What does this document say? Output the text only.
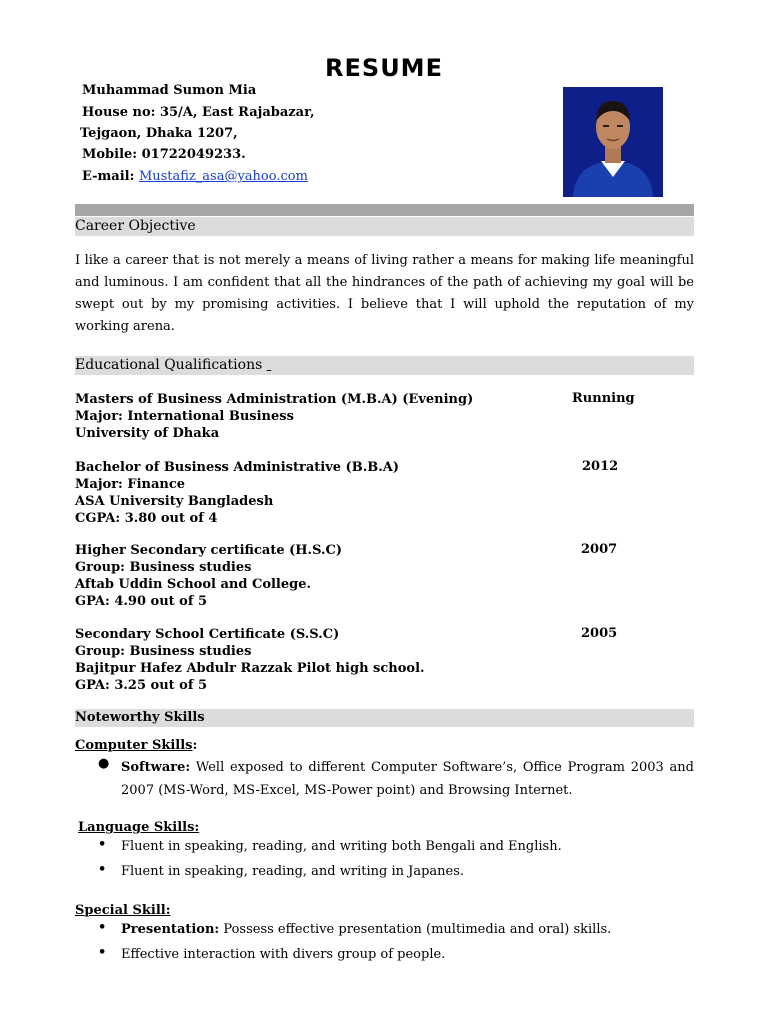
RESUME
Muhammad Sumon Mia
House no: 35/A, East Rajabazar,
Tejgaon, Dhaka 1207,
Mobile: 01722049233.
E-mail: Mustafiz_asa@yahoo.com
Career Objective
I like a career that is not merely a means of living rather a means for making life meaningful and luminous. I am confident that all the hindrances of the path of achieving my goal will be swept out by my promising activities. I believe that I will uphold the reputation of my working arena.
Educational Qualifications
Masters of Business Administration (M.B.A) (Evening)
Major: International Business
University of Dhaka
Running
Bachelor of Business Administrative (B.B.A)
Major: Finance
ASA University Bangladesh
CGPA: 3.80 out of 4
2012
Higher Secondary certificate (H.S.C)
Group: Business studies
Aftab Uddin School and College.
GPA: 4.90 out of 5
2007
Secondary School Certificate (S.S.C)
Group: Business studies
Bajitpur Hafez Abdulr Razzak Pilot high school.
GPA: 3.25 out of 5
2005
Noteworthy Skills
Computer Skills:
● Software: Well exposed to different Computer Software’s, Office Program 2003 and 2007 (MS-Word, MS-Excel, MS-Power point) and Browsing Internet.
Language Skills:
• Fluent in speaking, reading, and writing both Bengali and English.
• Fluent in speaking, reading, and writing in Japanes.
Special Skill:
• Presentation: Possess effective presentation (multimedia and oral) skills.
• Effective interaction with divers group of people.
